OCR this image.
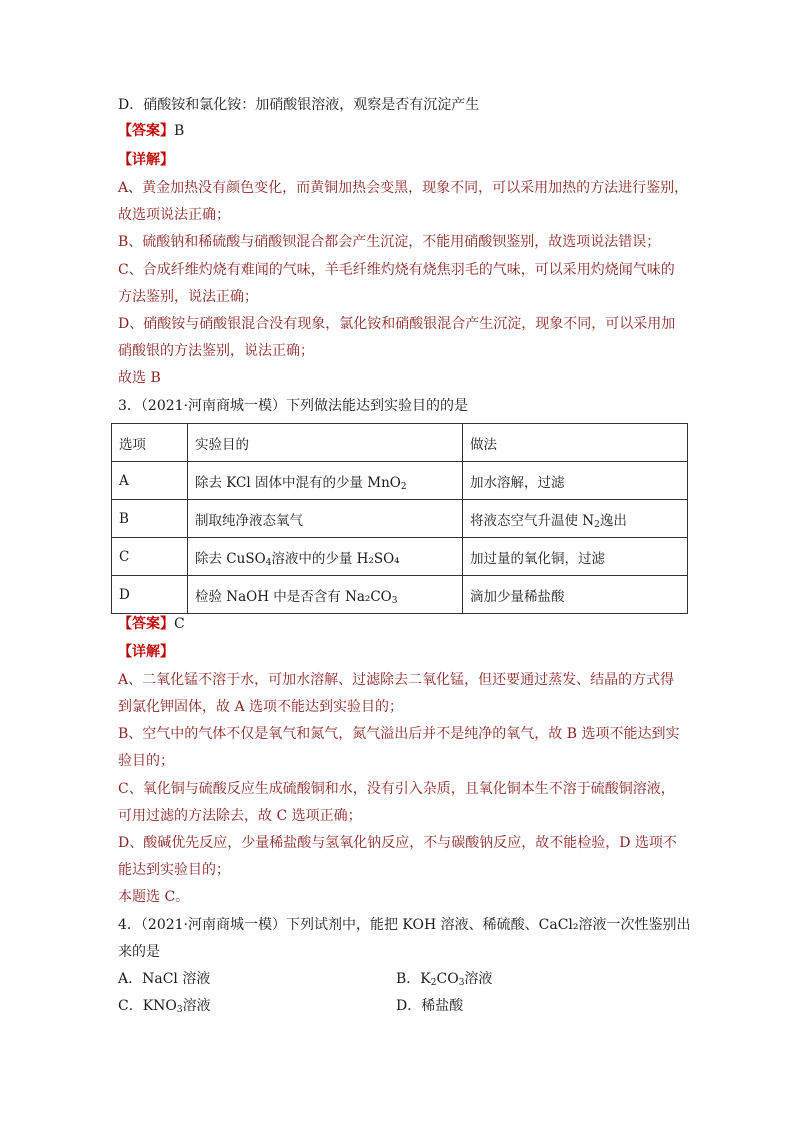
D．硝酸铵和氯化铵：加硝酸银溶液，观察是否有沉淀产生
【答案】B
【详解】
A、黄金加热没有颜色变化，而黄铜加热会变黑，现象不同，可以采用加热的方法进行鉴别，
故选项说法正确；
B、硫酸钠和稀硫酸与硝酸钡混合都会产生沉淀，不能用硝酸钡鉴别，故选项说法错误；
C、合成纤维灼烧有难闻的气味，羊毛纤维灼烧有烧焦羽毛的气味，可以采用灼烧闻气味的
方法鉴别，说法正确；
D、硝酸铵与硝酸银混合没有现象，氯化铵和硝酸银混合产生沉淀，现象不同，可以采用加
硝酸银的方法鉴别，说法正确；
故选 B
3．（2021·河南商城一模）下列做法能达到实验目的的是
选项	实验目的	做法
A	除去 KCl 固体中混有的少量 MnO$_2$	加水溶解，过滤
B	制取纯净液态氧气	将液态空气升温使 $N_2$逸出
C	除去 CuSO$_4$溶液中的少量 H₂SO₄	加过量的氧化铜，过滤
D	检验 NaOH 中是否含有 $Na_2CO_3$	滴加少量稀盐酸
【答案】C
【详解】
A、二氧化锰不溶于水，可加水溶解、过滤除去二氧化锰，但还要通过蒸发、结晶的方式得
到氯化钾固体，故 A 选项不能达到实验目的；
B、空气中的气体不仅是氧气和氮气，氮气溢出后并不是纯净的氧气，故 B 选项不能达到实
验目的；
C、氧化铜与硫酸反应生成硫酸铜和水，没有引入杂质，且氧化铜本生不溶于硫酸铜溶液，
可用过滤的方法除去，故 C 选项正确；
D、酸碱优先反应，少量稀盐酸与氢氧化钠反应，不与碳酸钠反应，故不能检验，D 选项不
能达到实验目的；
本题选 C。
4．（2021·河南商城一模）下列试剂中，能把 KOH 溶液、稀硫酸、CaCl₂溶液一次性鉴别出
来的是
A．NaCl 溶液	B．$K_2CO_3$溶液
C．$KNO_3$溶液	D．稀盐酸
